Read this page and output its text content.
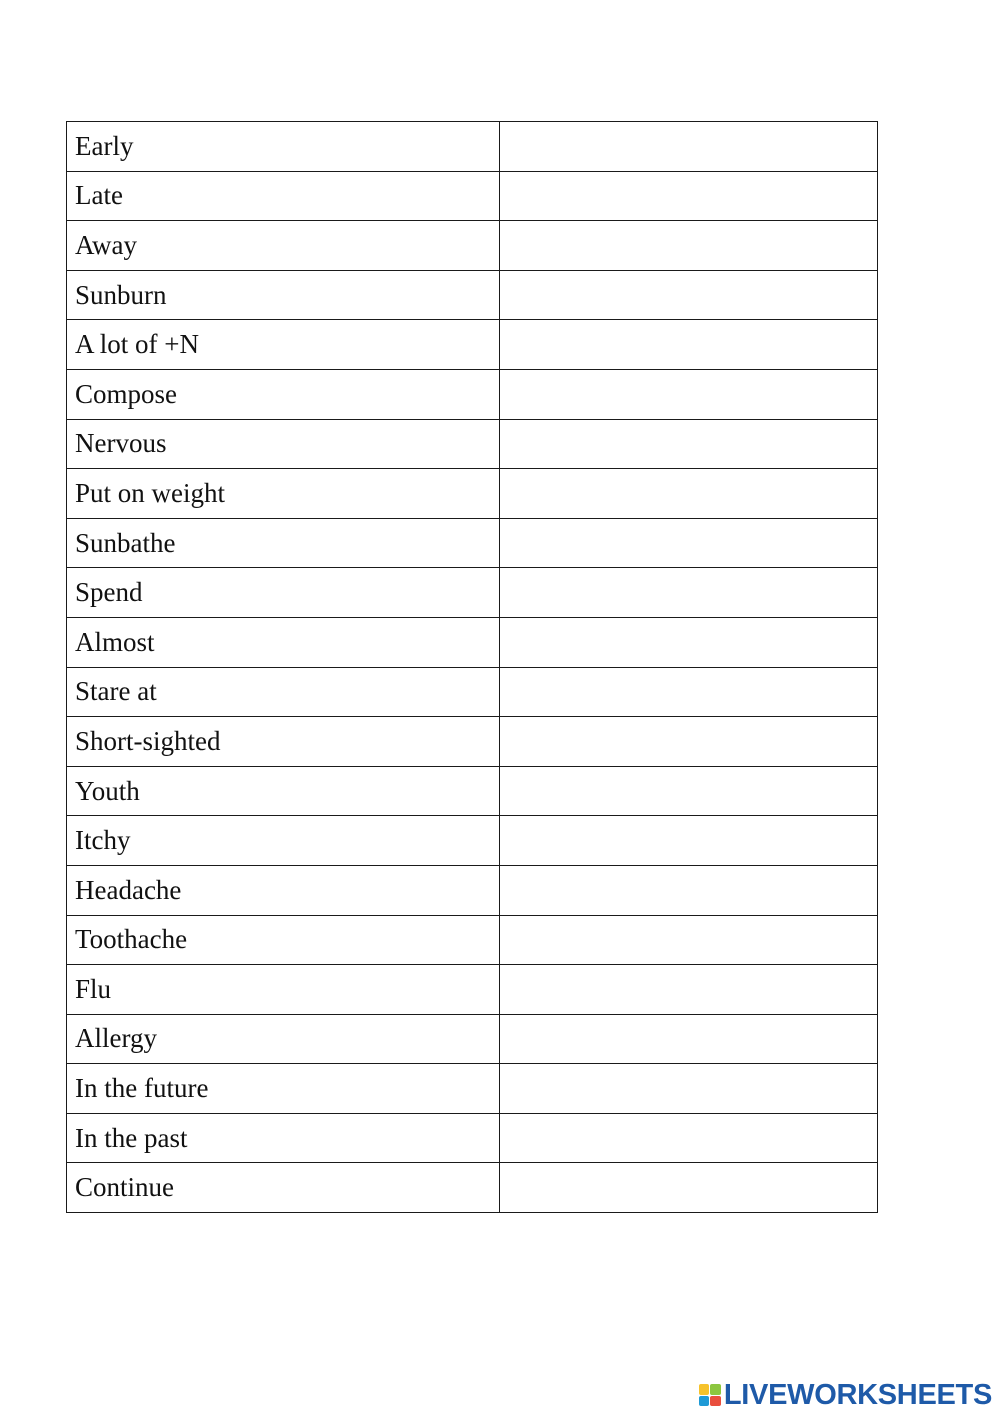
Early	
Late	
Away	
Sunburn	
A lot of +N	
Compose	
Nervous	
Put on weight	
Sunbathe	
Spend	
Almost	
Stare at	
Short-sighted	
Youth	
Itchy	
Headache	
Toothache	
Flu	
Allergy	
In the future	
In the past	
Continue	
LIVEWORKSHEETS
